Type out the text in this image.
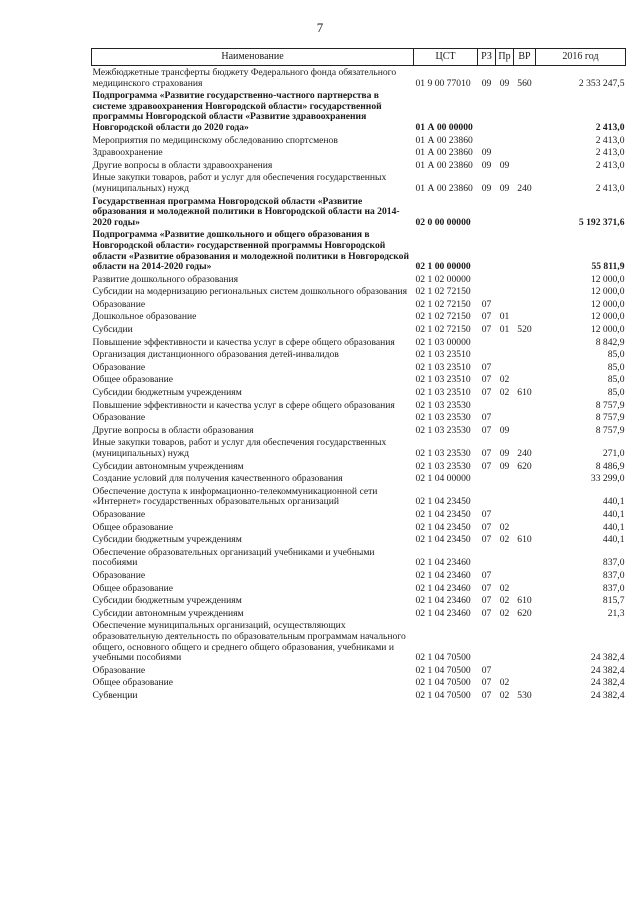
7
Наименование	ЦСТ	РЗ	Пр	ВР	2016 год
Межбюджетные трансферты бюджету Федерального фонда обязательного медицинского страхования	01 9 00 77010	09	09	560	2 353 247,5
Подпрограмма «Развитие государственно-частного партнерства в системе здравоохранения Новгородской области» государственной программы Новгородской области «Развитие здравоохранения Новгородской области до 2020 года»	01 А 00 00000				2 413,0
Мероприятия по медицинскому обследованию спортсменов	01 А 00 23860				2 413,0
Здравоохранение	01 А 00 23860	09			2 413,0
Другие вопросы в области здравоохранения	01 А 00 23860	09	09		2 413,0
Иные закупки товаров, работ и услуг для обеспечения государственных (муниципальных) нужд	01 А 00 23860	09	09	240	2 413,0
Государственная программа Новгородской области «Развитие образования и молодежной политики в Новгородской области на 2014-2020 годы»	02 0 00 00000				5 192 371,6
Подпрограмма «Развитие дошкольного и общего образования в Новгородской области» государственной программы Новгородской области «Развитие образования и молодежной политики в Новгородской области на 2014-2020 годы»	02 1 00 00000				55 811,9
Развитие дошкольного образования	02 1 02 00000				12 000,0
Субсидии на модернизацию региональных систем дошкольного образования	02 1 02 72150				12 000,0
Образование	02 1 02 72150	07			12 000,0
Дошкольное образование	02 1 02 72150	07	01		12 000,0
Субсидии	02 1 02 72150	07	01	520	12 000,0
Повышение эффективности и качества услуг в сфере общего образования	02 1 03 00000				8 842,9
Организация дистанционного образования детей-инвалидов	02 1 03 23510				85,0
Образование	02 1 03 23510	07			85,0
Общее образование	02 1 03 23510	07	02		85,0
Субсидии бюджетным учреждениям	02 1 03 23510	07	02	610	85,0
Повышение эффективности и качества услуг в сфере общего образования	02 1 03 23530				8 757,9
Образование	02 1 03 23530	07			8 757,9
Другие вопросы в области образования	02 1 03 23530	07	09		8 757,9
Иные закупки товаров, работ и услуг для обеспечения государственных (муниципальных) нужд	02 1 03 23530	07	09	240	271,0
Субсидии автономным учреждениям	02 1 03 23530	07	09	620	8 486,9
Создание условий для получения качественного образования	02 1 04 00000				33 299,0
Обеспечение доступа к информационно-телекоммуникационной сети «Интернет» государственных образовательных организаций	02 1 04 23450				440,1
Образование	02 1 04 23450	07			440,1
Общее образование	02 1 04 23450	07	02		440,1
Субсидии бюджетным учреждениям	02 1 04 23450	07	02	610	440,1
Обеспечение образовательных организаций учебниками и учебными пособиями	02 1 04 23460				837,0
Образование	02 1 04 23460	07			837,0
Общее образование	02 1 04 23460	07	02		837,0
Субсидии бюджетным учреждениям	02 1 04 23460	07	02	610	815,7
Субсидии автономным учреждениям	02 1 04 23460	07	02	620	21,3
Обеспечение муниципальных организаций, осуществляющих образовательную деятельность по образовательным программам начального общего, основного общего и среднего общего образования, учебниками и учебными пособиями	02 1 04 70500				24 382,4
Образование	02 1 04 70500	07			24 382,4
Общее образование	02 1 04 70500	07	02		24 382,4
Субвенции	02 1 04 70500	07	02	530	24 382,4
